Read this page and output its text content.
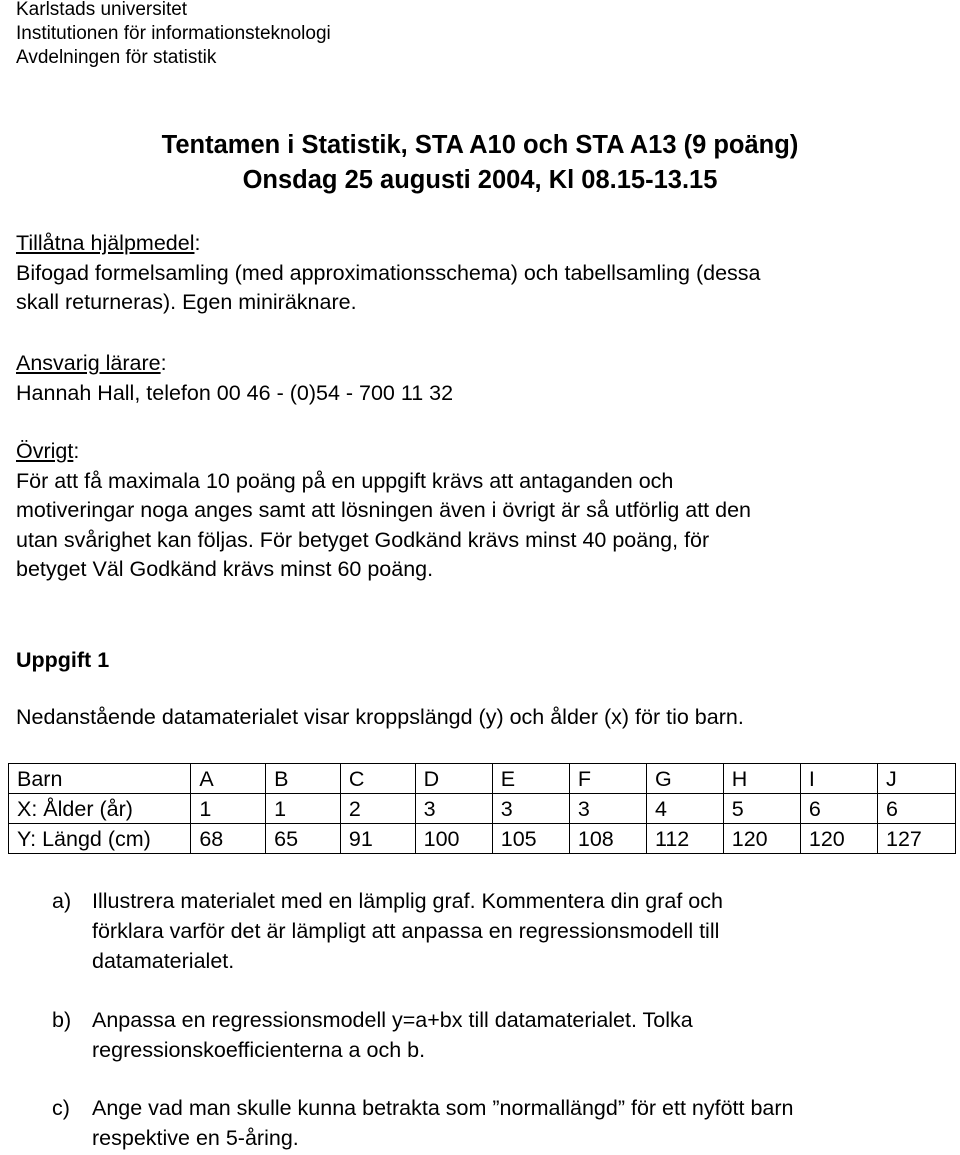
Karlstads universitet
Institutionen för informationsteknologi
Avdelningen för statistik
Tentamen i Statistik, STA A10 och STA A13 (9 poäng)
Onsdag 25 augusti 2004, Kl 08.15-13.15
Tillåtna hjälpmedel:
Bifogad formelsamling (med approximationsschema) och tabellsamling (dessa
skall returneras). Egen miniräknare.
Ansvarig lärare:
Hannah Hall, telefon 00 46 - (0)54 - 700 11 32
Övrigt:
För att få maximala 10 poäng på en uppgift krävs att antaganden och
motiveringar noga anges samt att lösningen även i övrigt är så utförlig att den
utan svårighet kan följas. För betyget Godkänd krävs minst 40 poäng, för
betyget Väl Godkänd krävs minst 60 poäng.
Uppgift 1
Nedanstående datamaterialet visar kroppslängd (y) och ålder (x) för tio barn.
Barn	A	B	C	D	E	F	G	H	I	J
X: Ålder (år)	1	1	2	3	3	3	4	5	6	6
Y: Längd (cm)	68	65	91	100	105	108	112	120	120	127
a) Illustrera materialet med en lämplig graf. Kommentera din graf och
förklara varför det är lämpligt att anpassa en regressionsmodell till
datamaterialet.
b) Anpassa en regressionsmodell y=a+bx till datamaterialet. Tolka
regressionskoefficienterna a och b.
c) Ange vad man skulle kunna betrakta som ”normallängd” för ett nyfött barn
respektive en 5-åring.
